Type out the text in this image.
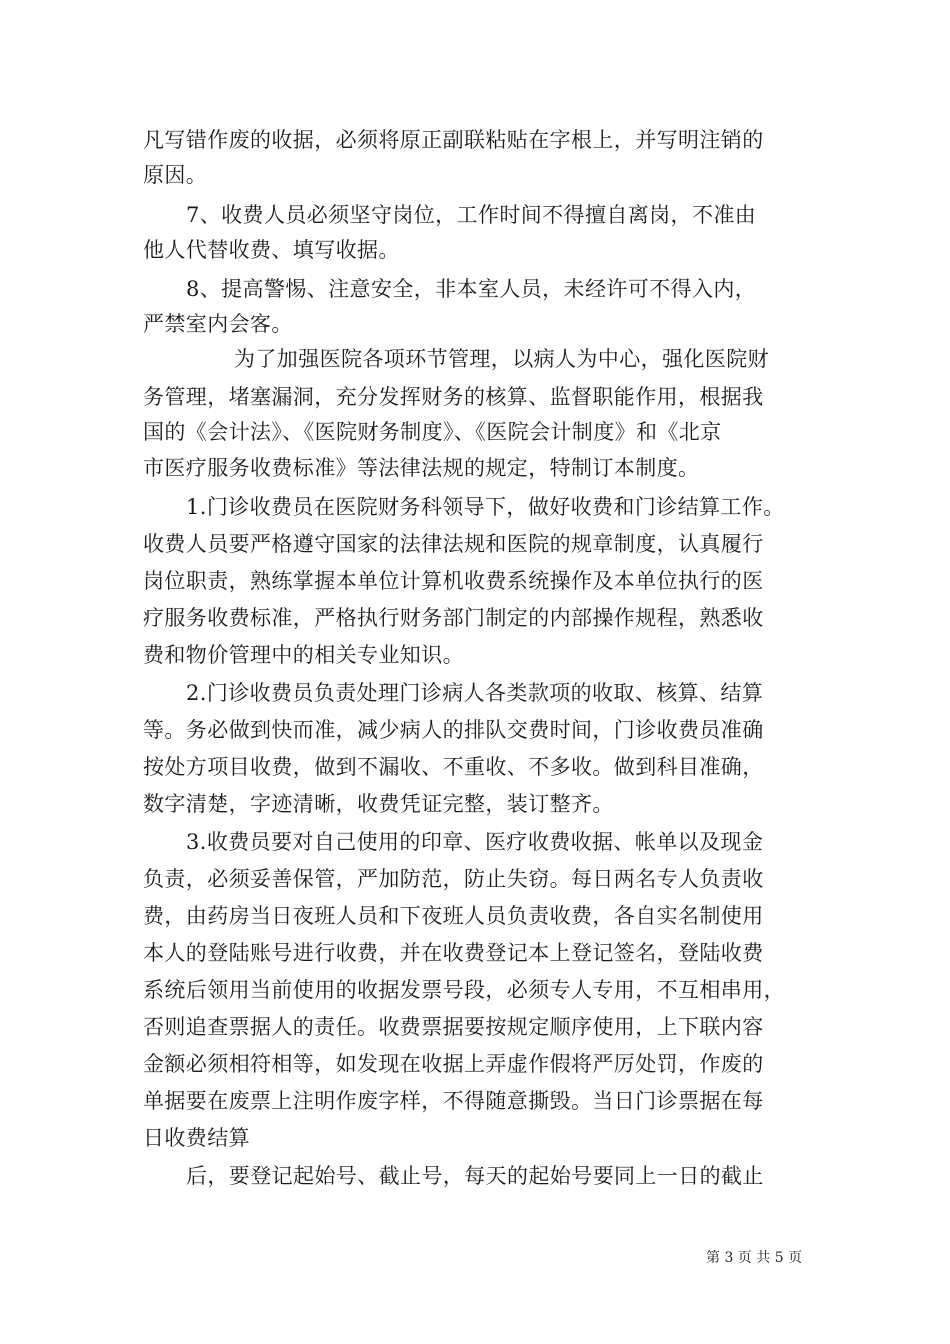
凡写错作废的收据，必须将原正副联粘贴在字根上，并写明注销的
原因。
7、收费人员必须坚守岗位，工作时间不得擅自离岗，不准由
他人代替收费、填写收据。
8、提高警惕、注意安全，非本室人员，未经许可不得入内，
严禁室内会客。
为了加强医院各项环节管理，以病人为中心，强化医院财
务管理，堵塞漏洞，充分发挥财务的核算、监督职能作用，根据我
国的《会计法》、《医院财务制度》、《医院会计制度》和《北京
市医疗服务收费标准》等法律法规的规定，特制订本制度。
1.门诊收费员在医院财务科领导下，做好收费和门诊结算工作。
收费人员要严格遵守国家的法律法规和医院的规章制度，认真履行
岗位职责，熟练掌握本单位计算机收费系统操作及本单位执行的医
疗服务收费标准，严格执行财务部门制定的内部操作规程，熟悉收
费和物价管理中的相关专业知识。
2.门诊收费员负责处理门诊病人各类款项的收取、核算、结算
等。务必做到快而准，减少病人的排队交费时间，门诊收费员准确
按处方项目收费，做到不漏收、不重收、不多收。做到科目准确，
数字清楚，字迹清晰，收费凭证完整，装订整齐。
3.收费员要对自己使用的印章、医疗收费收据、帐单以及现金
负责，必须妥善保管，严加防范，防止失窃。每日两名专人负责收
费，由药房当日夜班人员和下夜班人员负责收费，各自实名制使用
本人的登陆账号进行收费，并在收费登记本上登记签名，登陆收费
系统后领用当前使用的收据发票号段，必须专人专用，不互相串用，
否则追查票据人的责任。收费票据要按规定顺序使用，上下联内容
金额必须相符相等，如发现在收据上弄虚作假将严厉处罚，作废的
单据要在废票上注明作废字样，不得随意撕毁。当日门诊票据在每
日收费结算
后，要登记起始号、截止号，每天的起始号要同上一日的截止
第 3 页 共 5 页
